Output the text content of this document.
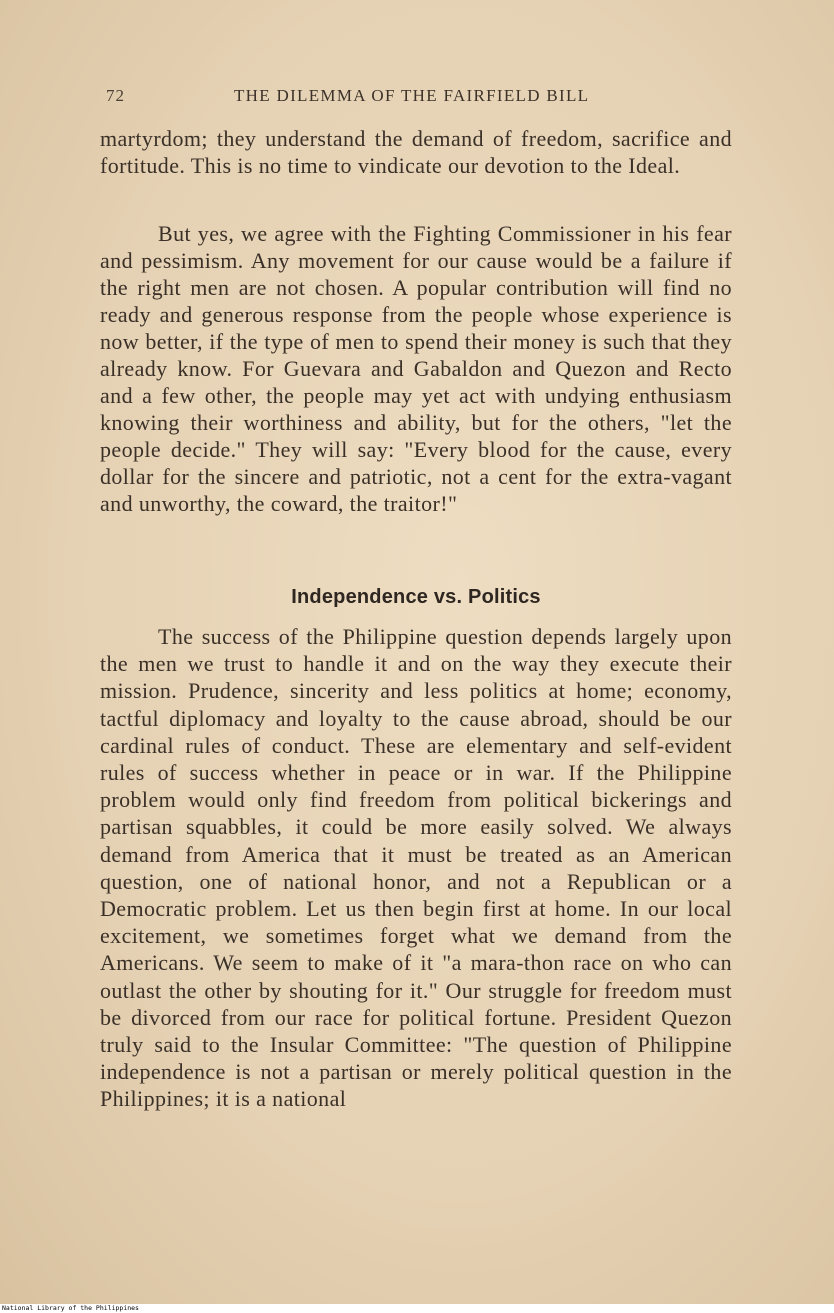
72	THE DILEMMA OF THE FAIRFIELD BILL

martyrdom; they understand the demand of freedom, sacrifice and fortitude. This is no time to vindicate our devotion to the Ideal.

But yes, we agree with the Fighting Commissioner in his fear and pessimism. Any movement for our cause would be a failure if the right men are not chosen. A popular contribution will find no ready and generous response from the people whose experience is now better, if the type of men to spend their money is such that they already know. For Guevara and Gabaldon and Quezon and Recto and a few other, the people may yet act with undying enthusiasm knowing their worthiness and ability, but for the others, "let the people decide." They will say: "Every blood for the cause, every dollar for the sincere and patriotic, not a cent for the extra-vagant and unworthy, the coward, the traitor!"

Independence vs. Politics

The success of the Philippine question depends largely upon the men we trust to handle it and on the way they execute their mission. Prudence, sincerity and less politics at home; economy, tactful diplomacy and loyalty to the cause abroad, should be our cardinal rules of conduct. These are elementary and self-evident rules of success whether in peace or in war. If the Philippine problem would only find freedom from political bickerings and partisan squabbles, it could be more easily solved. We always demand from America that it must be treated as an American question, one of national honor, and not a Republican or a Democratic problem. Let us then begin first at home. In our local excitement, we sometimes forget what we demand from the Americans. We seem to make of it "a mara-thon race on who can outlast the other by shouting for it." Our struggle for freedom must be divorced from our race for political fortune. President Quezon truly said to the Insular Committee: "The question of Philippine independence is not a partisan or merely political question in the Philippines; it is a national

National Library of the Philippines
